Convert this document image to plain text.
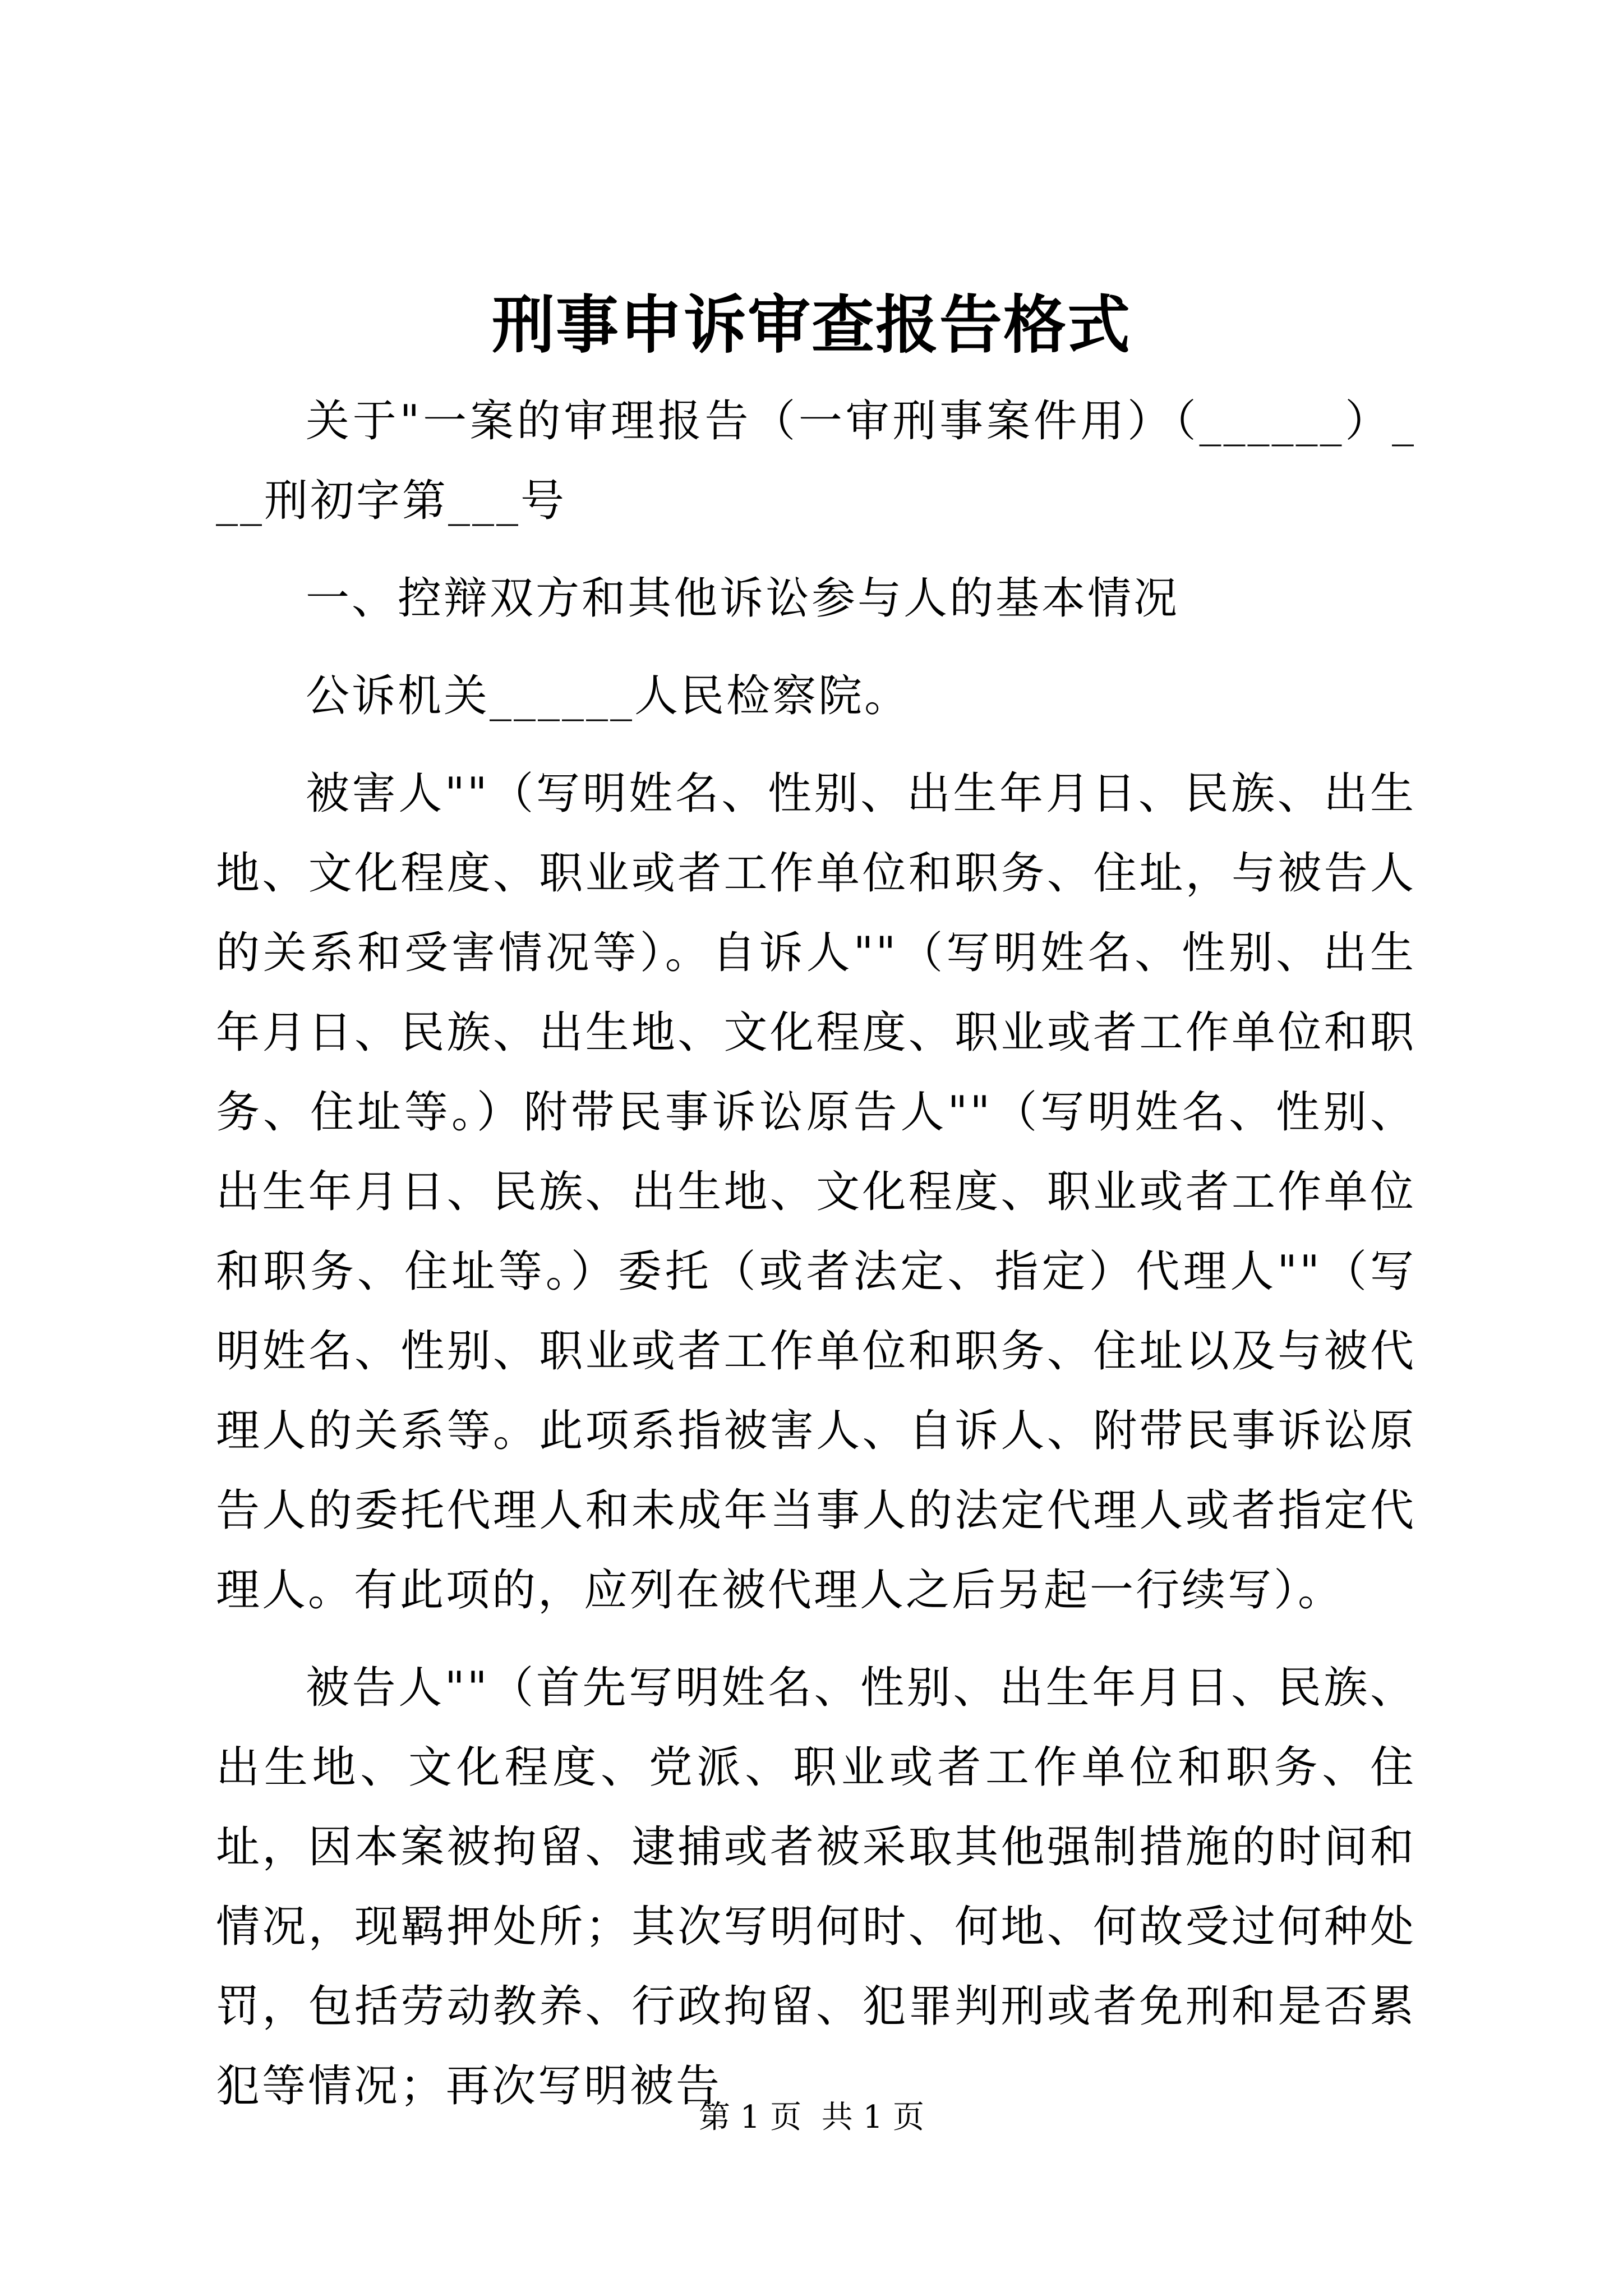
刑事申诉审查报告格式

关于"一案的审理报告（一审刑事案件用）（______）___刑初字第___号

一、控辩双方和其他诉讼参与人的基本情况

公诉机关______人民检察院。

被害人""（写明姓名、性别、出生年月日、民族、出生地、文化程度、职业或者工作单位和职务、住址，与被告人的关系和受害情况等）。自诉人""（写明姓名、性别、出生年月日、民族、出生地、文化程度、职业或者工作单位和职务、住址等。）附带民事诉讼原告人""（写明姓名、性别、出生年月日、民族、出生地、文化程度、职业或者工作单位和职务、住址等。）委托（或者法定、指定）代理人""（写明姓名、性别、职业或者工作单位和职务、住址以及与被代理人的关系等。此项系指被害人、自诉人、附带民事诉讼原告人的委托代理人和未成年当事人的法定代理人或者指定代理人。有此项的，应列在被代理人之后另起一行续写）。

被告人""（首先写明姓名、性别、出生年月日、民族、出生地、文化程度、党派、职业或者工作单位和职务、住址，因本案被拘留、逮捕或者被采取其他强制措施的时间和情况，现羁押处所；其次写明何时、何地、何故受过何种处罚，包括劳动教养、行政拘留、犯罪判刑或者免刑和是否累犯等情况；再次写明被告

第 1 页  共 1 页
